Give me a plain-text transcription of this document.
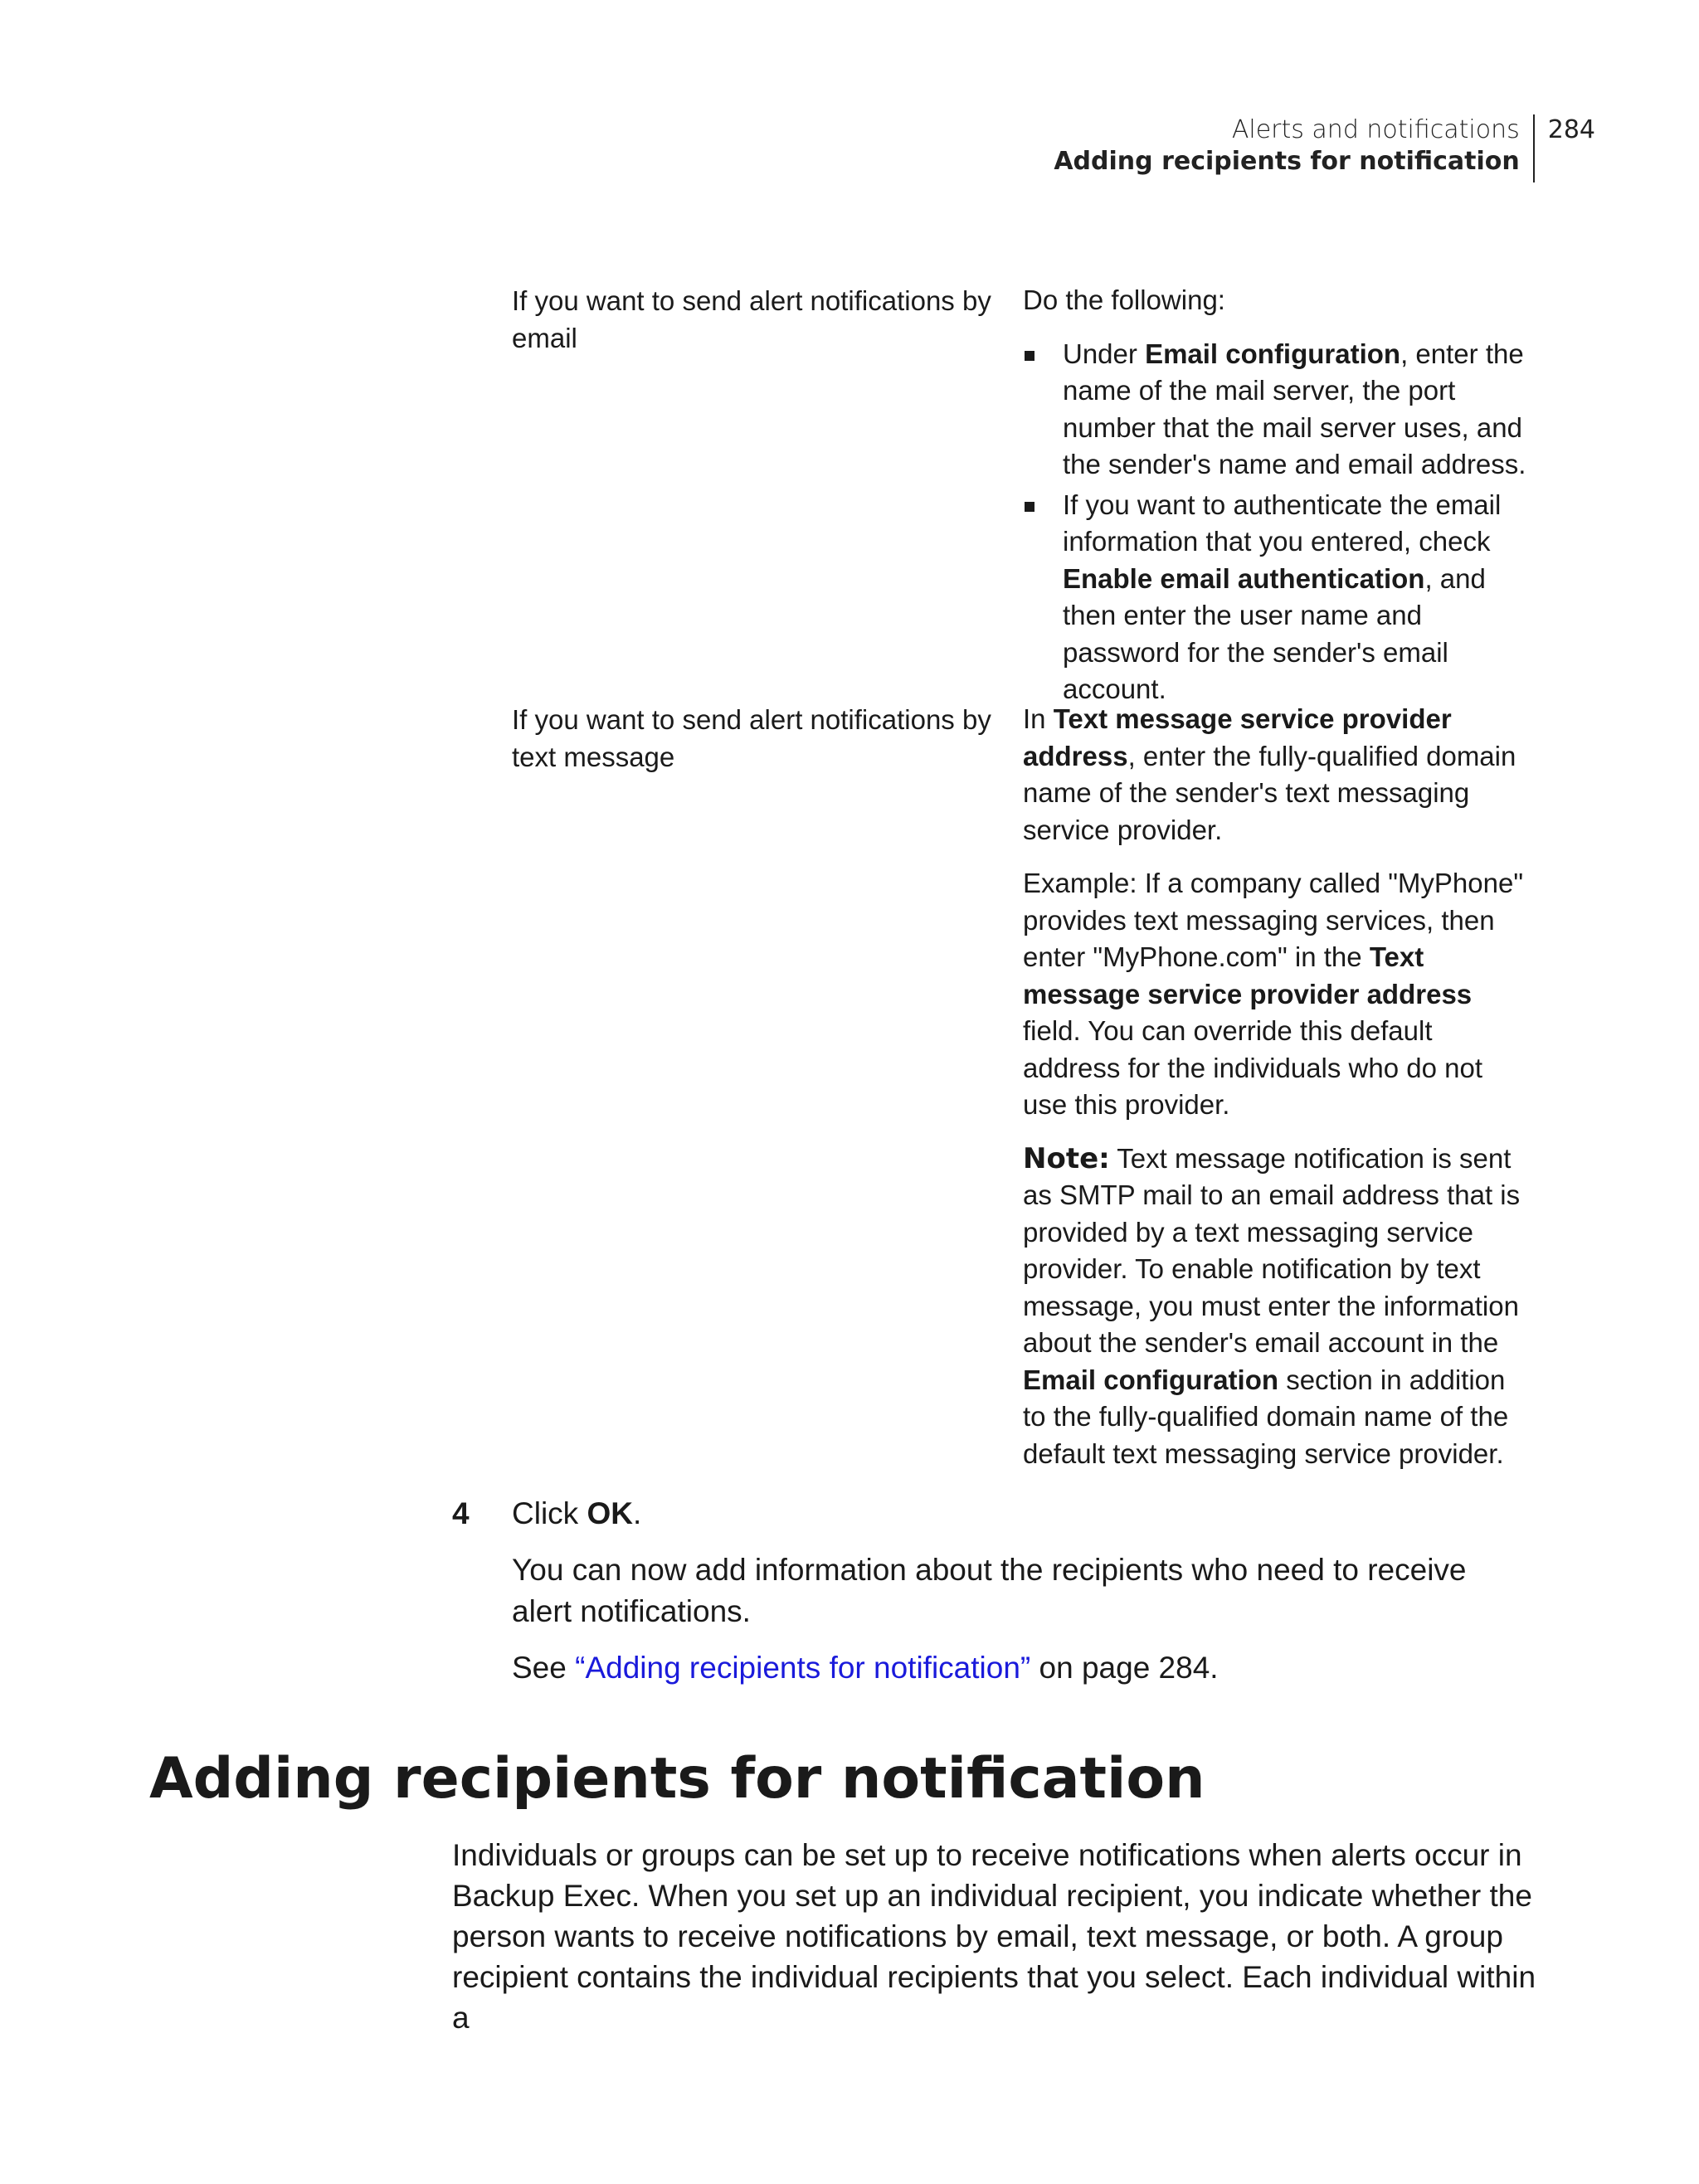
Alerts and notifications
Adding recipients for notification
284
If you want to send alert notifications by email

Do the following:

Under Email configuration, enter the name of the mail server, the port number that the mail server uses, and the sender's name and email address.
If you want to authenticate the email information that you entered, check Enable email authentication, and then enter the user name and password for the sender's email account.
If you want to send alert notifications by text message

In Text message service provider address, enter the fully-qualified domain name of the sender's text messaging service provider.

Example: If a company called "MyPhone" provides text messaging services, then enter "MyPhone.com" in the Text message service provider address field. You can override this default address for the individuals who do not use this provider.

Note: Text message notification is sent as SMTP mail to an email address that is provided by a text messaging service provider. To enable notification by text message, you must enter the information about the sender's email account in the Email configuration section in addition to the fully-qualified domain name of the default text messaging service provider.

4 Click OK.

You can now add information about the recipients who need to receive alert notifications.

See “Adding recipients for notification” on page 284.

Adding recipients for notification

Individuals or groups can be set up to receive notifications when alerts occur in Backup Exec. When you set up an individual recipient, you indicate whether the person wants to receive notifications by email, text message, or both. A group recipient contains the individual recipients that you select. Each individual within a
